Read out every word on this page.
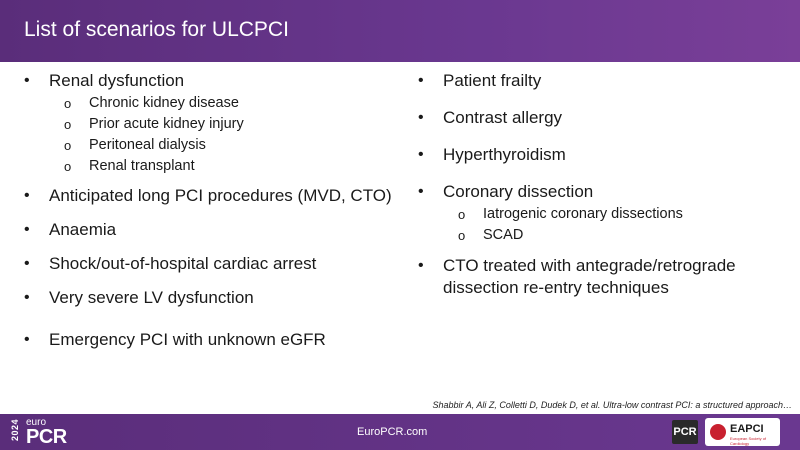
List of scenarios for ULCPCI
• Renal dysfunction
o Chronic kidney disease
o Prior acute kidney injury
o Peritoneal dialysis
o Renal transplant
• Anticipated long PCI procedures (MVD, CTO)
• Anaemia
• Shock/out-of-hospital cardiac arrest
• Very severe LV dysfunction
• Emergency PCI with unknown eGFR
• Patient frailty
• Contrast allergy
• Hyperthyroidism
• Coronary dissection
o Iatrogenic coronary dissections
o SCAD
• CTO treated with antegrade/retrograde dissection re-entry techniques
Shabbir A, Ali Z, Colletti D, Dudek D, et al. Ultra-low contrast PCI: a structured approach…
2024 euro
PCR	EuroPCR.com	PCR	EAPCI
European Society of Cardiology
